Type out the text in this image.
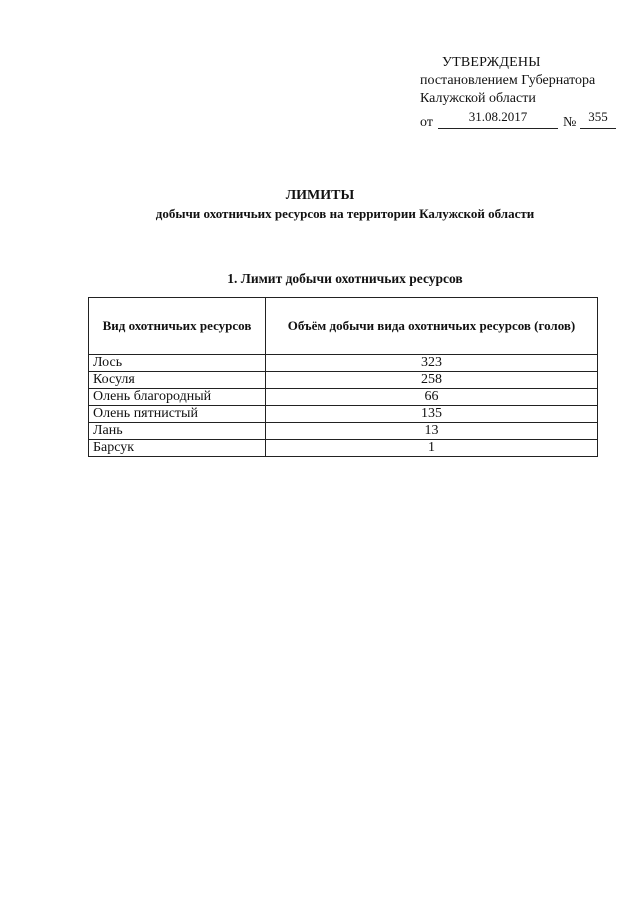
УТВЕРЖДЕНЫ
постановлением Губернатора
Калужской области
от	31.08.2017	№ 355
ЛИМИТЫ
добычи охотничьих ресурсов на территории Калужской области
1. Лимит добычи охотничьих ресурсов
Вид охотничьих ресурсов	Объём добычи вида охотничьих ресурсов (голов)
Лось	323
Косуля	258
Олень благородный	66
Олень пятнистый	135
Лань	13
Барсук	1
